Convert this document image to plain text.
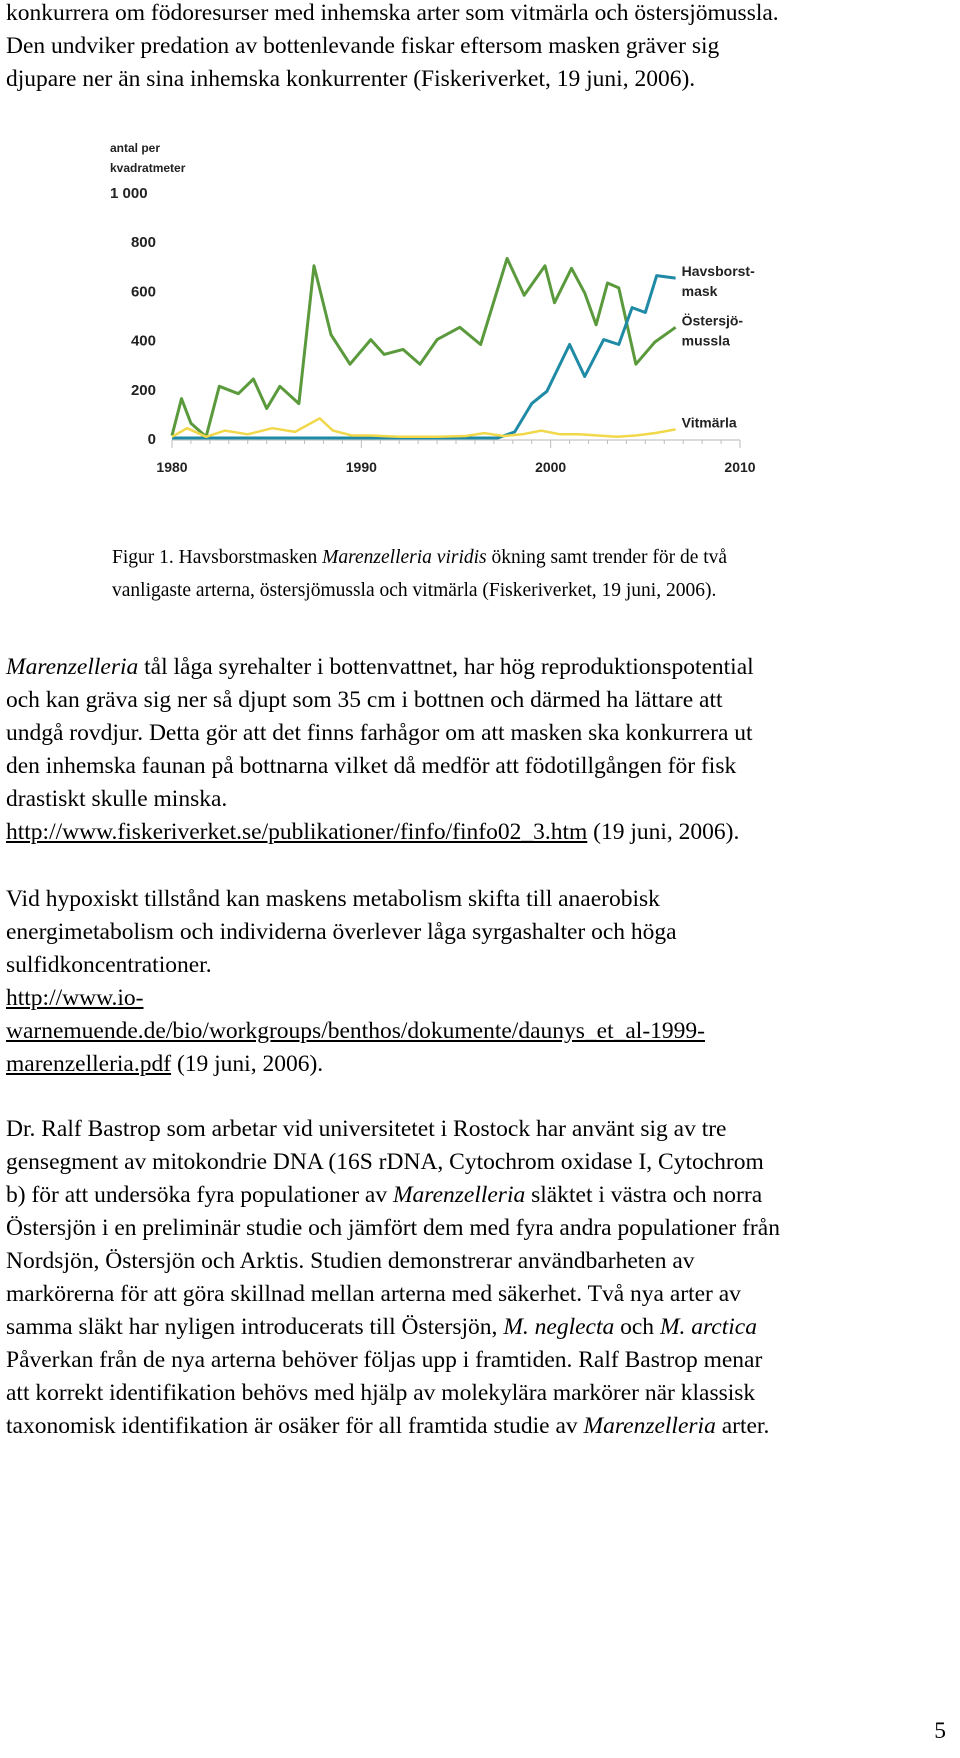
konkurrera om födoresurser med inhemska arter som vitmärla och östersjömussla.
Den undviker predation av bottenlevande fiskar eftersom masken gräver sig
djupare ner än sina inhemska konkurrenter (Fiskeriverket, 19 juni, 2006).

antal per
kvadratmeter
1 000
0
200
400
600
800
1980	1990	2000	2010
Östersjö-
mussla
Havsborst-
mask
Vitmärla

Figur 1. Havsborstmasken Marenzelleria viridis ökning samt trender för de två
vanligaste arterna, östersjömussla och vitmärla (Fiskeriverket, 19 juni, 2006).

Marenzelleria tål låga syrehalter i bottenvattnet, har hög reproduktionspotential
och kan gräva sig ner så djupt som 35 cm i bottnen och därmed ha lättare att
undgå rovdjur. Detta gör att det finns farhågor om att masken ska konkurrera ut
den inhemska faunan på bottnarna vilket då medför att födotillgången för fisk
drastiskt skulle minska.
http://www.fiskeriverket.se/publikationer/finfo/finfo02_3.htm (19 juni, 2006).

Vid hypoxiskt tillstånd kan maskens metabolism skifta till anaerobisk
energimetabolism och individerna överlever låga syrgashalter och höga
sulfidkoncentrationer.
http://www.io-
warnemuende.de/bio/workgroups/benthos/dokumente/daunys_et_al-1999-
marenzelleria.pdf (19 juni, 2006).

Dr. Ralf Bastrop som arbetar vid universitetet i Rostock har använt sig av tre
gensegment av mitokondrie DNA (16S rDNA, Cytochrom oxidase I, Cytochrom
b) för att undersöka fyra populationer av Marenzelleria släktet i västra och norra
Östersjön i en preliminär studie och jämfört dem med fyra andra populationer från
Nordsjön, Östersjön och Arktis. Studien demonstrerar användbarheten av
markörerna för att göra skillnad mellan arterna med säkerhet. Två nya arter av
samma släkt har nyligen introducerats till Östersjön, M. neglecta och M. arctica
Påverkan från de nya arterna behöver följas upp i framtiden. Ralf Bastrop menar
att korrekt identifikation behövs med hjälp av molekylära markörer när klassisk
taxonomisk identifikation är osäker för all framtida studie av Marenzelleria arter.

5
